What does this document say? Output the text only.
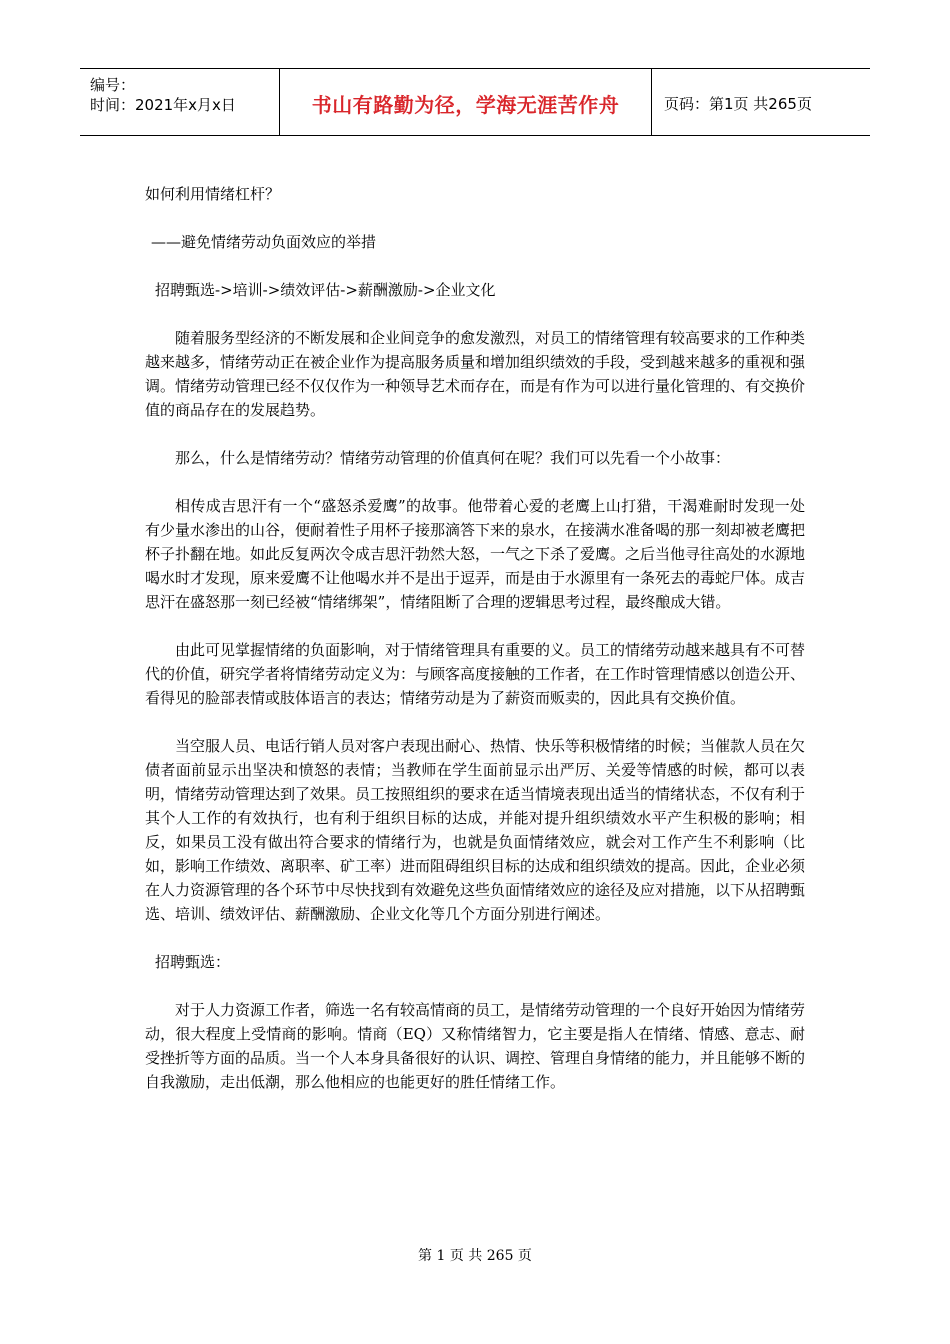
编号：
时间：2021年x月x日	书山有路勤为径，学海无涯苦作舟	页码：第1页 共265页

如何利用情绪杠杆？

——避免情绪劳动负面效应的举措

招聘甄选->培训->绩效评估->薪酬激励->企业文化

随着服务型经济的不断发展和企业间竞争的愈发激烈，对员工的情绪管理有较高要求的工作种类越来越多，情绪劳动正在被企业作为提高服务质量和增加组织绩效的手段，受到越来越多的重视和强调。情绪劳动管理已经不仅仅作为一种领导艺术而存在，而是有作为可以进行量化管理的、有交换价值的商品存在的发展趋势。

那么，什么是情绪劳动？情绪劳动管理的价值真何在呢？我们可以先看一个小故事：

相传成吉思汗有一个“盛怒杀爱鹰”的故事。他带着心爱的老鹰上山打猎，干渴难耐时发现一处有少量水渗出的山谷，便耐着性子用杯子接那滴答下来的泉水，在接满水准备喝的那一刻却被老鹰把杯子扑翻在地。如此反复两次令成吉思汗勃然大怒，一气之下杀了爱鹰。之后当他寻往高处的水源地喝水时才发现，原来爱鹰不让他喝水并不是出于逗弄，而是由于水源里有一条死去的毒蛇尸体。成吉思汗在盛怒那一刻已经被“情绪绑架”，情绪阻断了合理的逻辑思考过程，最终酿成大错。

由此可见掌握情绪的负面影响，对于情绪管理具有重要的义。员工的情绪劳动越来越具有不可替代的价值，研究学者将情绪劳动定义为：与顾客高度接触的工作者，在工作时管理情感以创造公开、看得见的脸部表情或肢体语言的表达；情绪劳动是为了薪资而贩卖的，因此具有交换价值。

当空服人员、电话行销人员对客户表现出耐心、热情、快乐等积极情绪的时候；当催款人员在欠债者面前显示出坚决和愤怒的表情；当教师在学生面前显示出严厉、关爱等情感的时候，都可以表明，情绪劳动管理达到了效果。员工按照组织的要求在适当情境表现出适当的情绪状态，不仅有利于其个人工作的有效执行，也有利于组织目标的达成，并能对提升组织绩效水平产生积极的影响；相反，如果员工没有做出符合要求的情绪行为，也就是负面情绪效应，就会对工作产生不利影响（比如，影响工作绩效、离职率、矿工率）进而阻碍组织目标的达成和组织绩效的提高。因此，企业必须在人力资源管理的各个环节中尽快找到有效避免这些负面情绪效应的途径及应对措施，以下从招聘甄选、培训、绩效评估、薪酬激励、企业文化等几个方面分别进行阐述。

招聘甄选：

对于人力资源工作者，筛选一名有较高情商的员工，是情绪劳动管理的一个良好开始因为情绪劳动，很大程度上受情商的影响。情商（EQ）又称情绪智力，它主要是指人在情绪、情感、意志、耐受挫折等方面的品质。当一个人本身具备很好的认识、调控、管理自身情绪的能力，并且能够不断的自我激励，走出低潮，那么他相应的也能更好的胜任情绪工作。

第 1 页 共 265 页
